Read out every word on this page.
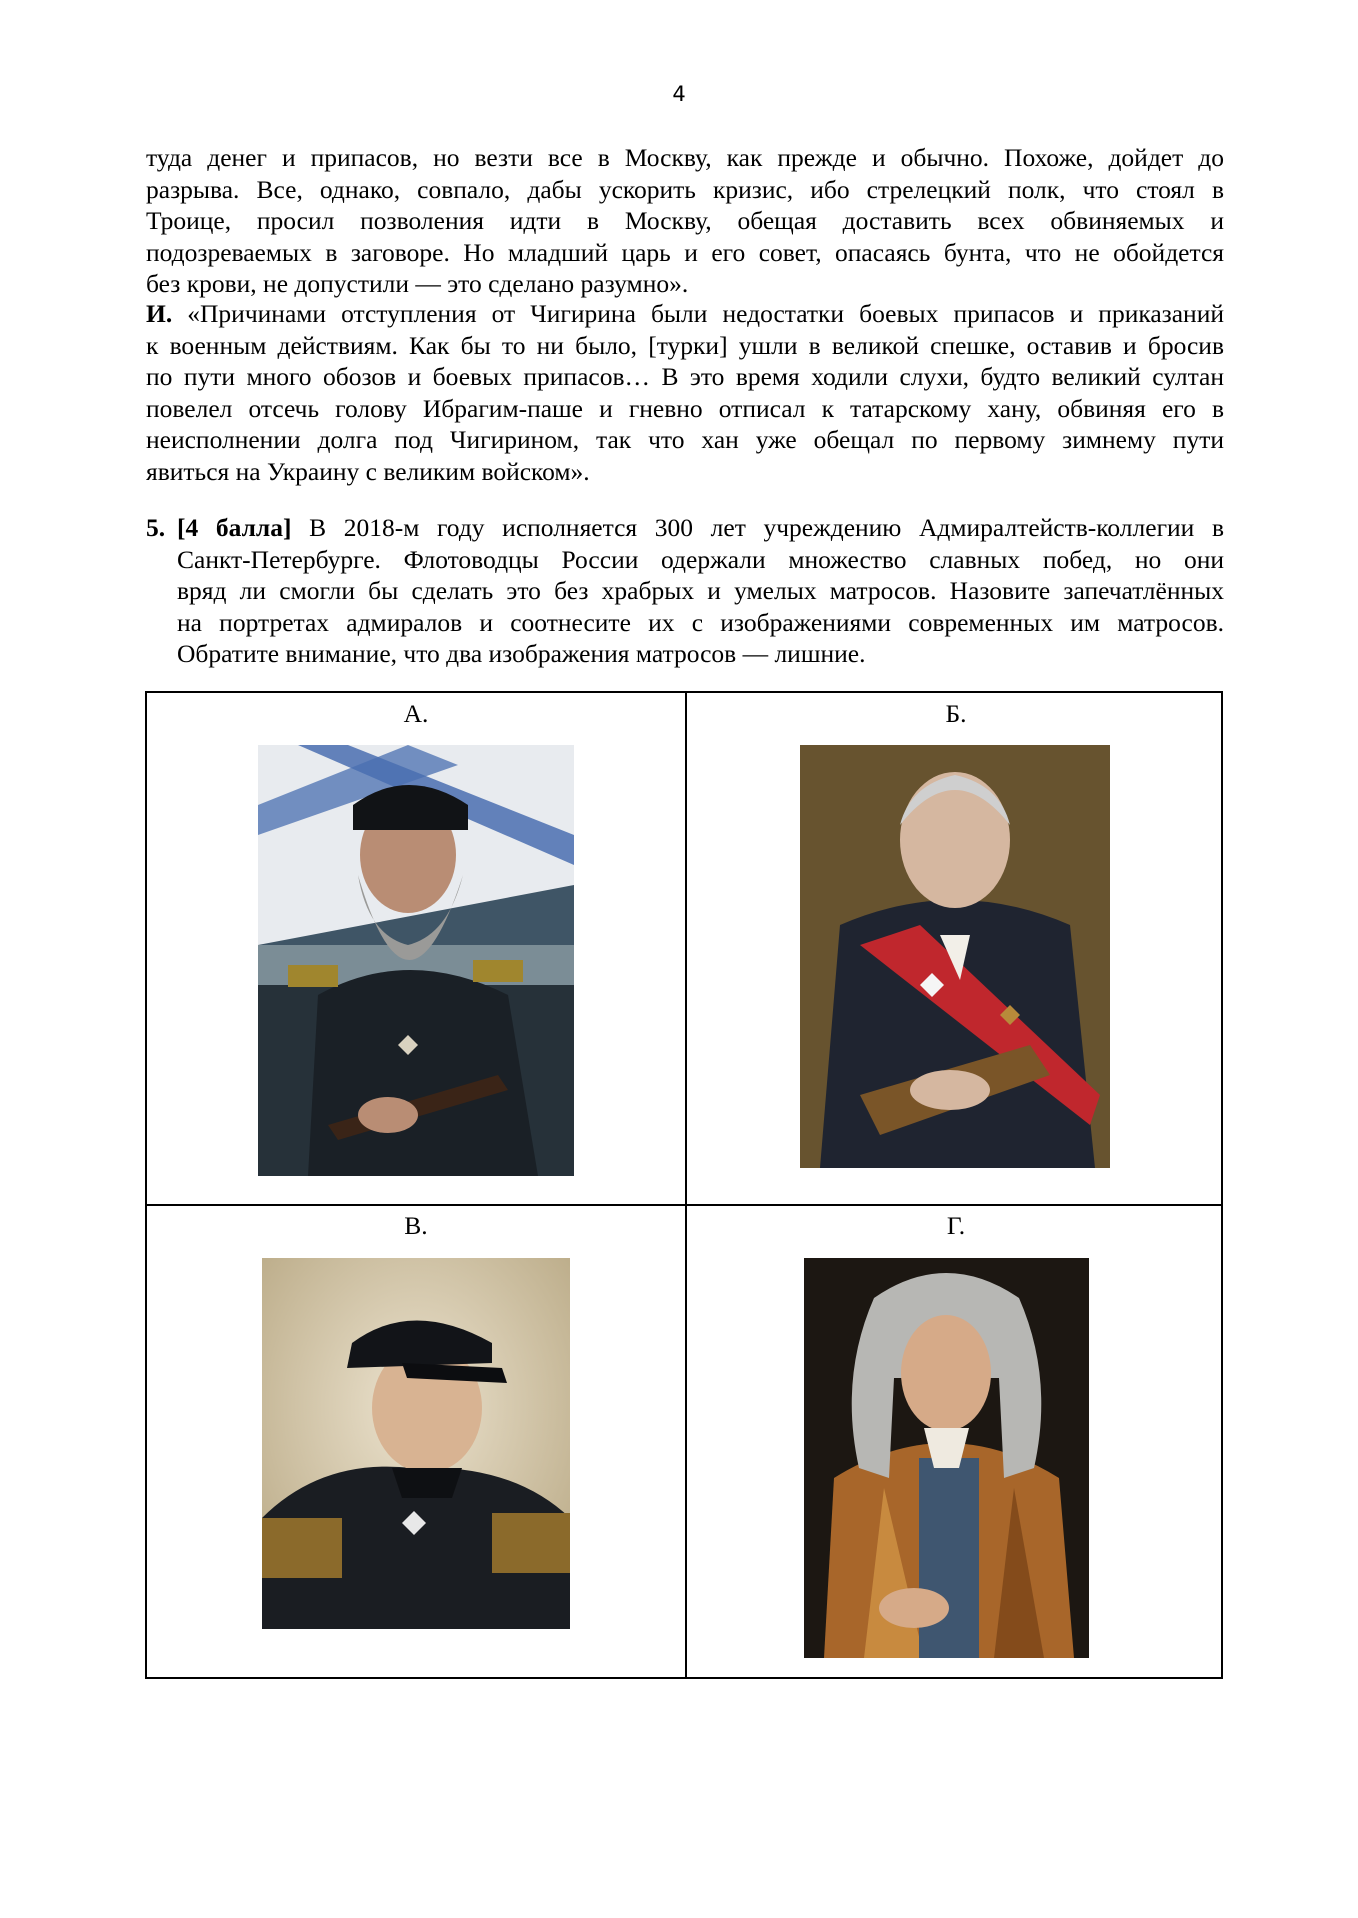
4
туда денег и припасов, но везти все в Москву, как прежде и обычно. Похоже, дойдет до
разрыва. Все, однако, совпало, дабы ускорить кризис, ибо стрелецкий полк, что стоял в
Троице, просил позволения идти в Москву, обещая доставить всех обвиняемых и
подозреваемых в заговоре. Но младший царь и его совет, опасаясь бунта, что не обойдется
без крови, не допустили — это сделано разумно».
И. «Причинами отступления от Чигирина были недостатки боевых припасов и приказаний
к военным действиям. Как бы то ни было, [турки] ушли в великой спешке, оставив и бросив
по пути много обозов и боевых припасов… В это время ходили слухи, будто великий султан
повелел отсечь голову Ибрагим-паше и гневно отписал к татарскому хану, обвиняя его в
неисполнении долга под Чигирином, так что хан уже обещал по первому зимнему пути
явиться на Украину с великим войском».
5. [4 балла] В 2018-м году исполняется 300 лет учреждению Адмиралтейств-коллегии в
Санкт-Петербурге. Флотоводцы России одержали множество славных побед, но они
вряд ли смогли бы сделать это без храбрых и умелых матросов. Назовите запечатлённых
на портретах адмиралов и соотнесите их с изображениями современных им матросов.
Обратите внимание, что два изображения матросов — лишние.
А.	Б.
В.	Г.
